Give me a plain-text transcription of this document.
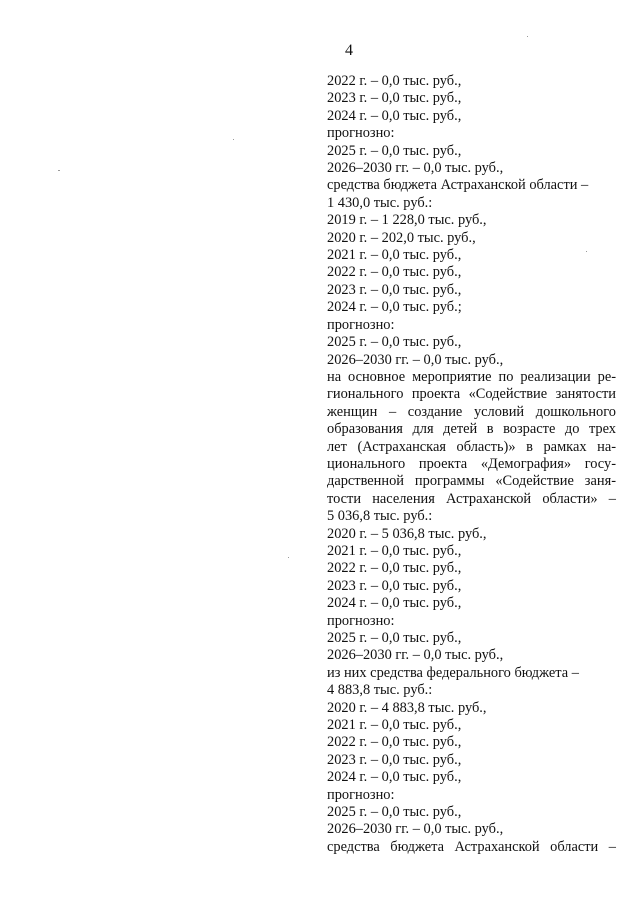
4
2022 г. – 0,0 тыс. руб.,
2023 г. – 0,0 тыс. руб.,
2024 г. – 0,0 тыс. руб.,
прогнозно:
2025 г. – 0,0 тыс. руб.,
2026–2030 гг. – 0,0 тыс. руб.,
средства бюджета Астраханской области –
1 430,0 тыс. руб.:
2019 г. – 1 228,0 тыс. руб.,
2020 г. – 202,0 тыс. руб.,
2021 г. – 0,0 тыс. руб.,
2022 г. – 0,0 тыс. руб.,
2023 г. – 0,0 тыс. руб.,
2024 г. – 0,0 тыс. руб.;
прогнозно:
2025 г. – 0,0 тыс. руб.,
2026–2030 гг. – 0,0 тыс. руб.,
на основное мероприятие по реализации ре-
гионального проекта «Содействие занятости
женщин – создание условий дошкольного
образования для детей в возрасте до трех
лет (Астраханская область)» в рамках на-
ционального проекта «Демография» госу-
дарственной программы «Содействие заня-
тости населения Астраханской области» –
5 036,8 тыс. руб.:
2020 г. – 5 036,8 тыс. руб.,
2021 г. – 0,0 тыс. руб.,
2022 г. – 0,0 тыс. руб.,
2023 г. – 0,0 тыс. руб.,
2024 г. – 0,0 тыс. руб.,
прогнозно:
2025 г. – 0,0 тыс. руб.,
2026–2030 гг. – 0,0 тыс. руб.,
из них средства федерального бюджета –
4 883,8 тыс. руб.:
2020 г. – 4 883,8 тыс. руб.,
2021 г. – 0,0 тыс. руб.,
2022 г. – 0,0 тыс. руб.,
2023 г. – 0,0 тыс. руб.,
2024 г. – 0,0 тыс. руб.,
прогнозно:
2025 г. – 0,0 тыс. руб.,
2026–2030 гг. – 0,0 тыс. руб.,
средства бюджета Астраханской области –
